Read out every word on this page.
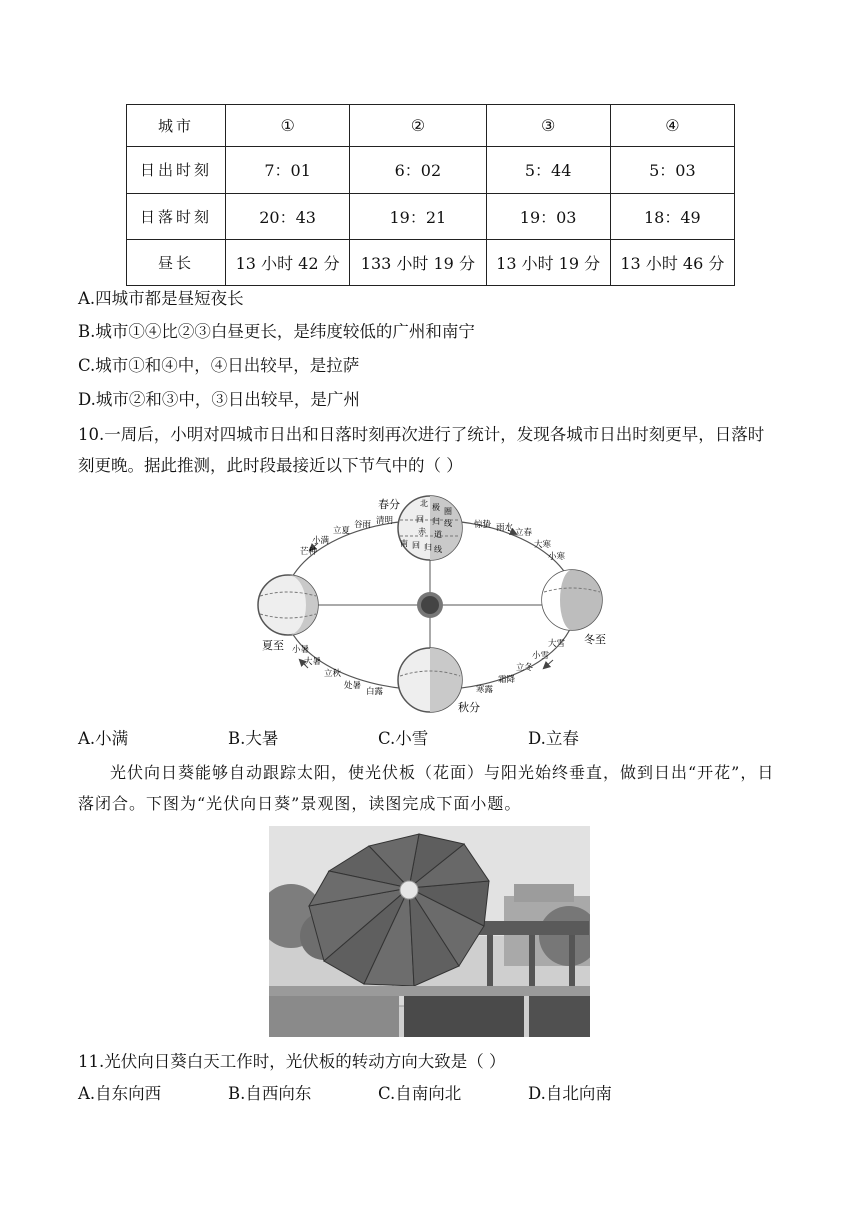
城市	①	②	③	④
日出时刻	7：01	6：02	5：44	5：03
日落时刻	20：43	19：21	19：03	18：49
昼长	13 小时 42 分	133 小时 19 分	13 小时 19 分	13 小时 46 分
A.四城市都是昼短夜长
B.城市①④比②③白昼更长，是纬度较低的广州和南宁
C.城市①和④中，④日出较早，是拉萨
D.城市②和③中，③日出较早，是广州
10.一周后，小明对四城市日出和日落时刻再次进行了统计，发现各城市日出时刻更早，日落时刻更晚。据此推测，此时段最接近以下节气中的（ ）
春分
夏至
秋分
冬至
北 极 圈
回 归 线
赤 道
南 回 归 线
芒种
小满
立夏
谷雨 清明	惊蛰 雨水 立春
大寒
小寒
小暑
大暑
立秋
处暑
白露	寒露
霜降
立冬
小雪
大雪
A.小满	B.大暑	C.小雪	D.立春
光伏向日葵能够自动跟踪太阳，使光伏板（花面）与阳光始终垂直，做到日出“开花”，日落闭合。下图为“光伏向日葵”景观图，读图完成下面小题。
11.光伏向日葵白天工作时，光伏板的转动方向大致是（ ）
A.自东向西	B.自西向东	C.自南向北	D.自北向南
